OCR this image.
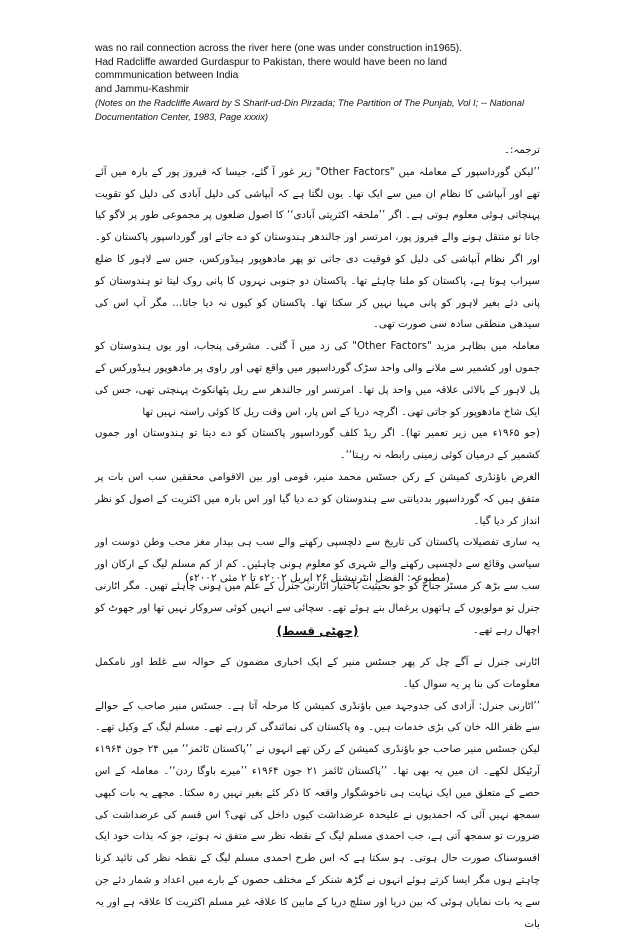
was no rail connection across the river here (one was under construction in1965).

Had Radcliffe awarded Gurdaspur to Pakistan, there would have been no land

commmunication between India

and Jammu-Kashmir

(Notes on the Radcliffe Award by S Sharif-ud-Din Pirzada; The Partition of The Punjab, Vol I; -- National Documentation Center, 1983, Page xxxix)

ترجمہ:۔

’’لیکن گورداسپور کے معاملہ میں "Other Factors" زیر غور آ گئے، جیسا کہ فیروز پور کے بارہ میں آئے تھے اور آبپاشی کا نظام ان میں سے ایک تھا۔ یوں لگتا ہے کہ آبپاشی کی دلیل آبادی کی دلیل کو تقویت پہنچاتی ہوئی معلوم ہوتی ہے۔ اگر ’’ملحقہ اکثریتی آبادی‘‘ کا اصول ضلعوں پر مجموعی طور پر لاگو کیا جاتا تو منتقل ہونے والے فیروز پور، امرتسر اور جالندھر ہندوستان کو دے جاتے اور گورداسپور پاکستان کو۔ اور اگر نظام آبپاشی کی دلیل کو فوقیت دی جاتی تو پھر مادھوپور ہیڈورکس، جس سے لاہور کا ضلع سیراب ہوتا ہے، پاکستان کو ملنا چاہئے تھا۔ پاکستان دو جنوبی نہروں کا پانی روک لیتا تو ہندوستان کو پانی دئے بغیر لاہور کو پانی مہیا نہیں کر سکتا تھا۔ پاکستان کو کیوں نہ دیا جاتا… مگر آپ اس کی سیدھی منطقی سادہ سی صورت تھی۔

معاملہ میں بظاہر مزید "Other Factors" کی زد میں آ گئی۔ مشرقی پنجاب، اور یوں ہندوستان کو جموں اور کشمیر سے ملانے والی واحد سڑک گورداسپور میں واقع تھی اور راوی پر مادھوپور ہیڈورکس کے پل لاہور کے بالائی علاقہ میں واحد پل تھا۔ امرتسر اور جالندھر سے ریل پٹھانکوٹ پہنچتی تھی، جس کی ایک شاخ مادھوپور کو جاتی تھی۔ اگرچہ دریا کے اس پار، اس وقت ریل کا کوئی راستہ نہیں تھا

(جو ۱۹۶۵ء میں زیر تعمیر تھا)۔ اگر ریڈ کلف گورداسپور پاکستان کو دے دیتا تو ہندوستان اور جموں کشمیر کے درمیان کوئی زمینی رابطہ نہ رہتا‘‘۔

الغرض باؤنڈری کمیشن کے رکن جسٹس محمد منیر، قومی اور بین الاقوامی محققین سب اس بات پر متفق ہیں کہ گورداسپور بددیانتی سے ہندوستان کو دے دیا گیا اور اس بارہ میں اکثریت کے اصول کو نظر انداز کر دیا گیا۔

یہ ساری تفصیلات پاکستان کی تاریخ سے دلچسپی رکھنے والے سب ہی بیدار مغز محب وطن دوست اور سیاسی وقائع سے دلچسپی رکھنے والے شہری کو معلوم ہونی چاہئیں۔ کم از کم مسلم لیگ کے ارکان اور سب سے بڑھ کر مسٹر جناح کو جو بحیثیت باختیار اٹارنی جنرل کے علم میں ہونی چاہئے تھیں۔ مگر اٹارنی جنرل تو مولویوں کے ہاتھوں یرغمال بنے ہوئے تھے۔ سچائی سے انہیں کوئی سروکار نہیں تھا اور جھوٹ کو اچھال رہے تھے۔

(مطبوعہ: الفضل انٹرنیشنل ۲۶ اپریل ۲۰۰۲ء تا ۲ مئی ۲۰۰۲ء)
(چھٹی قسط)

اٹارنی جنرل نے آگے چل کر پھر جسٹس منیر کے ایک اخباری مضمون کے حوالہ سے غلط اور نامکمل معلومات کی بنا پر یہ سوال کیا۔

’’اٹارنی جنرل: آزادی کی جدوجہد میں باؤنڈری کمیشن کا مرحلہ آتا ہے۔ جسٹس منیر صاحب کے حوالے سے ظفر اللہ خان کی بڑی خدمات ہیں۔ وہ پاکستان کی نمائندگی کر رہے تھے۔ مسلم لیگ کے وکیل تھے۔ لیکن جسٹس منیر صاحب جو باؤنڈری کمیشن کے رکن تھے انہوں نے ’’پاکستان ٹائمز‘‘ میں ۲۴ جون ۱۹۶۴ء آرٹیکل لکھے۔ ان میں یہ بھی تھا۔ ’’پاکستان ٹائمز ۲۱ جون ۱۹۶۴ء ’’میرے باوگا ردن‘‘۔ معاملہ کے اس حصے کے متعلق میں ایک نہایت ہی ناخوشگوار واقعہ کا ذکر کئے بغیر نہیں رہ سکتا۔ مجھے یہ بات کبھی سمجھ نہیں آئی کہ احمدیوں نے علیحدہ عرضداشت کیوں داخل کی تھی؟ اس قسم کی عرضداشت کی ضرورت تو سمجھ آتی ہے، جب احمدی مسلم لیگ کے نقطہ نظر سے متفق نہ ہوتے، جو کہ بذات خود ایک افسوسناک صورت حال ہوتی۔ ہو سکتا ہے کہ اس طرح احمدی مسلم لیگ کے نقطہ نظر کی تائید کرنا چاہتے ہوں مگر ایسا کرتے ہوئے انہوں نے گڑھ شنکر کے مختلف حصوں کے بارے میں اعداد و شمار دئے جن سے یہ بات نمایاں ہوئی کہ بین دریا اور ستلج دریا کے مابین کا علاقہ غیر مسلم اکثریت کا علاقہ ہے اور یہ بات
